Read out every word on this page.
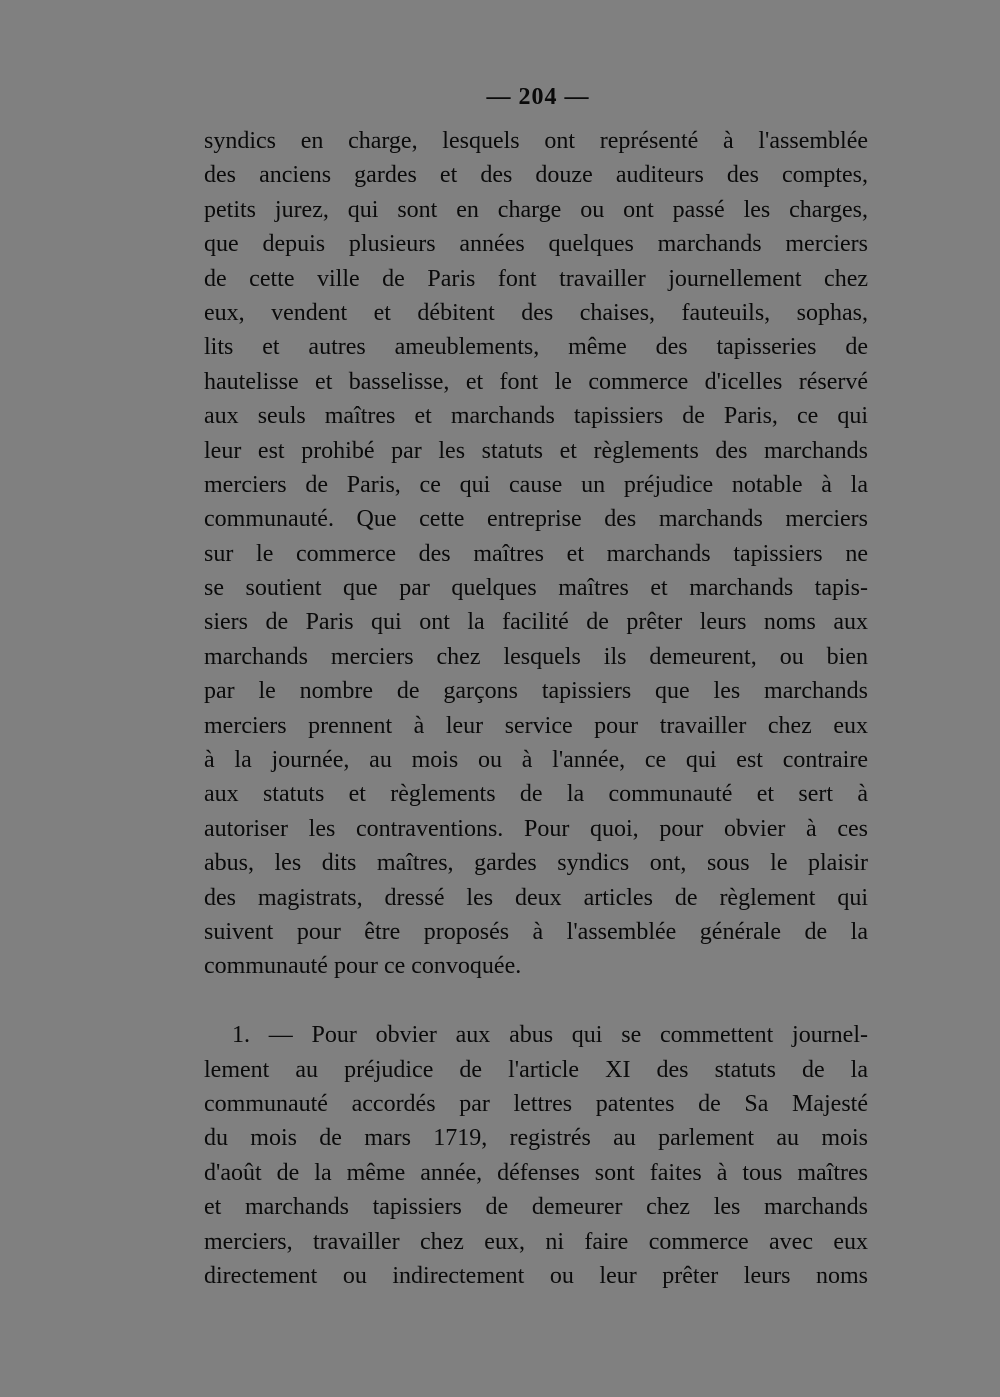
— 204 —
syndics en charge, lesquels ont représenté à l'assemblée
des anciens gardes et des douze auditeurs des comptes,
petits jurez, qui sont en charge ou ont passé les charges,
que depuis plusieurs années quelques marchands merciers
de cette ville de Paris font travailler journellement chez
eux, vendent et débitent des chaises, fauteuils, sophas,
lits et autres ameublements, même des tapisseries de
hautelisse et basselisse, et font le commerce d'icelles réservé
aux seuls maîtres et marchands tapissiers de Paris, ce qui
leur est prohibé par les statuts et règlements des marchands
merciers de Paris, ce qui cause un préjudice notable à la
communauté. Que cette entreprise des marchands merciers
sur le commerce des maîtres et marchands tapissiers ne
se soutient que par quelques maîtres et marchands tapis-
siers de Paris qui ont la facilité de prêter leurs noms aux
marchands merciers chez lesquels ils demeurent, ou bien
par le nombre de garçons tapissiers que les marchands
merciers prennent à leur service pour travailler chez eux
à la journée, au mois ou à l'année, ce qui est contraire
aux statuts et règlements de la communauté et sert à
autoriser les contraventions. Pour quoi, pour obvier à ces
abus, les dits maîtres, gardes syndics ont, sous le plaisir
des magistrats, dressé les deux articles de règlement qui
suivent pour être proposés à l'assemblée générale de la
communauté pour ce convoquée.
1. — Pour obvier aux abus qui se commettent journel-
lement au préjudice de l'article XI des statuts de la
communauté accordés par lettres patentes de Sa Majesté
du mois de mars 1719, registrés au parlement au mois
d'août de la même année, défenses sont faites à tous maîtres
et marchands tapissiers de demeurer chez les marchands
merciers, travailler chez eux, ni faire commerce avec eux
directement ou indirectement ou leur prêter leurs noms
